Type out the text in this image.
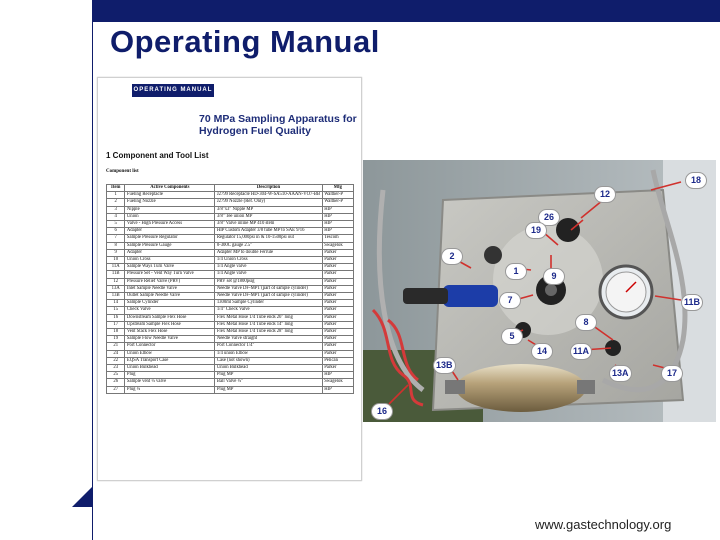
Operating Manual
OPERATING MANUAL
70 MPa Sampling Apparatus for Hydrogen Fuel Quality
1 Component and Tool List
Component list
Item	Active Components	Description	Mfg
1	Fueling Receptacle	J2799 Receptacle HD-304-W-SA510-AAAN-VO7-BB	Walther-P
2	Fueling Nozzle	J2799 Nozzle (Ref. Only)	Walther-P
3	Nipple	3/8"x3" Nipple MP	HIP
4	Union	3/8" Tee union MP	HIP
5	Valve - High Pressure Access	3/8" Valve inline MP 410 stem	HIP
6	Adapter	HIP Custom Adapter 3/8 tube MP to SAE 9/16	HIP
7	Sample Pressure Regulator	Regulator 15,000psi in & 10-1500psi out	Tescom
8	Sample Pressure Gauge	0-300C gauge 2.5"	Swagelok
9	Adapter	Adapter MP to double Ferrule	Parker
10	Union Cross	1/4 Union Cross	Parker
11A	Sample Ways Turn Valve	1/4 Angle valve	Parker
11B	Pressure Set - Vent Way Turn Valve	1/4 Angle valve	Parker
12	Pressure Relief Valve (PRV)	PRV set @1800psig	Parker
13A	Inlet Sample Needle Valve	Needle Valve DF-MPT (part of sample cylinder)	Parker
13B	Outlet Sample Needle Valve	Needle Valve DF-MPT (part of sample cylinder)	Parker
14	Sample Cylinder	1300ml Sample Cylinder	Parker
15	Check Valve	1/4" Check Valve	Parker
16	Downstream Sample Flex Hose	Flex Metal Hose 1/4 Tube ends 26" long	Parker
17	Upstream Sample Flex Hose	Flex Metal Hose 1/4 Tube ends 14" long	Parker
18	Vent Stack Flex Hose	Flex Metal Hose 1/4 Tube ends 28" long	Parker
19	Sample Flow Needle Valve	Needle Valve straight	Parker
21	Port Connector	Port Connector 1/4"	Parker
24	Union Elbow	1/4 union Elbow	Parker
22	EQSA Transport Case	Case (not shown)	Pelican
23	Union Bulkhead	Union Bulkhead	Parker
25	Plug	Plug MP	HIP
26	Sample vent ¼ valve	Ball Valve ¼"	Swagelok
27	Plug ¼	Plug MP	HIP
18
12
26
19
2
1
7
9
11B
8
5
14	11A
13B
13A	17
16
www.gastechnology.org
